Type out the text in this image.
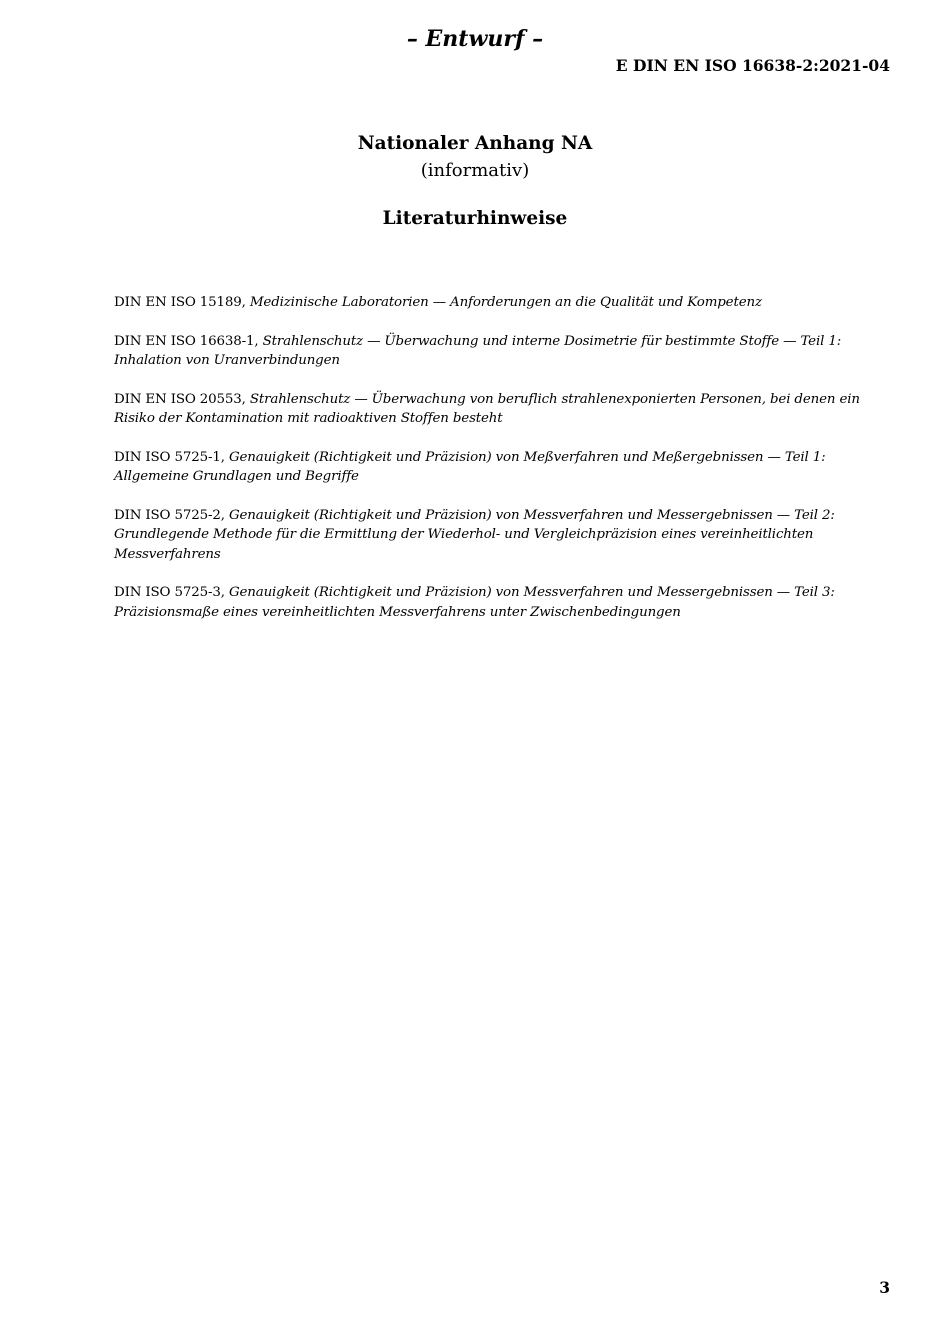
– Entwurf –
E DIN EN ISO 16638-2:2021-04
Nationaler Anhang NA
(informativ)
Literaturhinweise
DIN EN ISO 15189, Medizinische Laboratorien — Anforderungen an die Qualität und Kompetenz
DIN EN ISO 16638-1, Strahlenschutz — Überwachung und interne Dosimetrie für bestimmte Stoffe — Teil 1: Inhalation von Uranverbindungen
DIN EN ISO 20553, Strahlenschutz — Überwachung von beruflich strahlenexponierten Personen, bei denen ein Risiko der Kontamination mit radioaktiven Stoffen besteht
DIN ISO 5725-1, Genauigkeit (Richtigkeit und Präzision) von Meßverfahren und Meßergebnissen — Teil 1: Allgemeine Grundlagen und Begriffe
DIN ISO 5725-2, Genauigkeit (Richtigkeit und Präzision) von Messverfahren und Messergebnissen — Teil 2: Grundlegende Methode für die Ermittlung der Wiederhol- und Vergleichpräzision eines vereinheitlichten Messverfahrens
DIN ISO 5725-3, Genauigkeit (Richtigkeit und Präzision) von Messverfahren und Messergebnissen — Teil 3: Präzisionsmaße eines vereinheitlichten Messverfahrens unter Zwischenbedingungen
3
